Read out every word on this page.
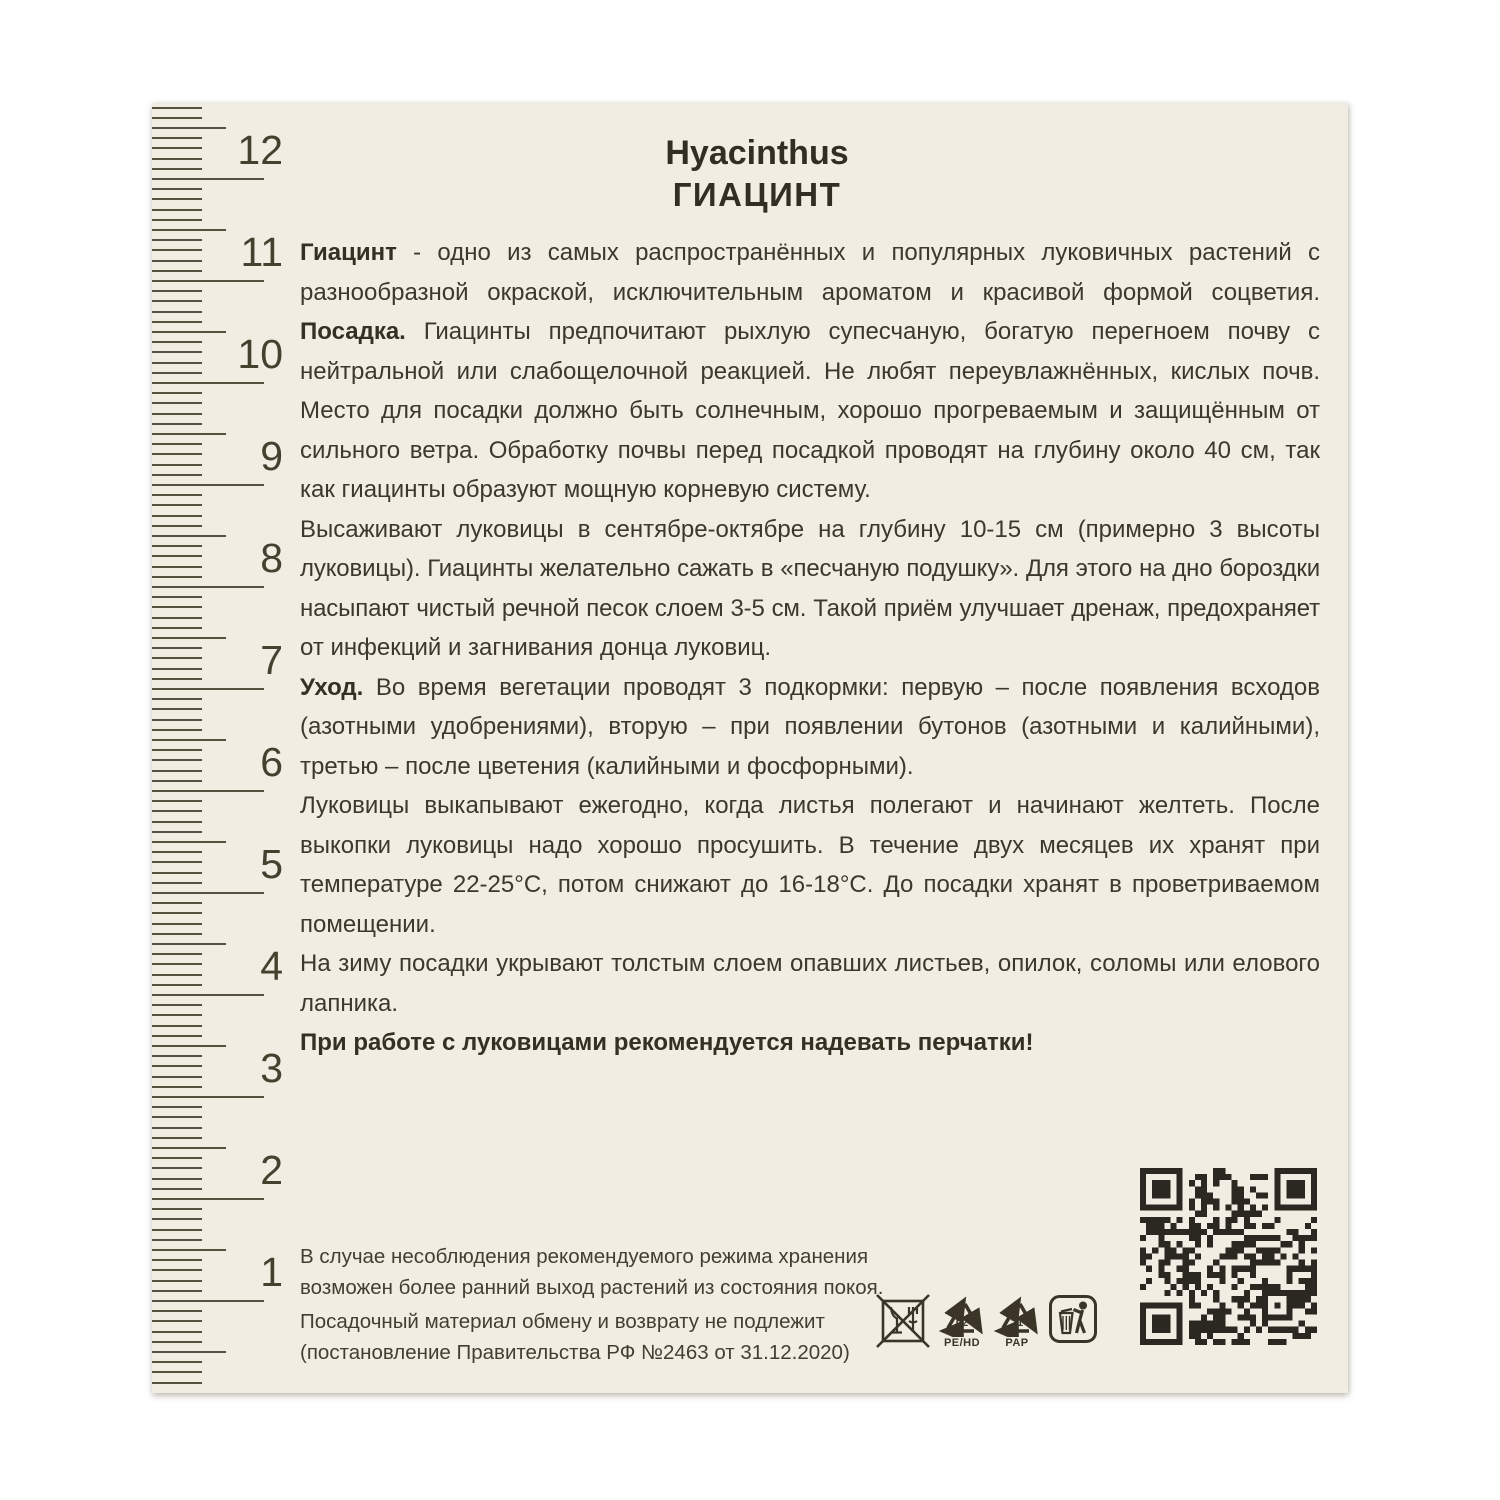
12
11
10
9
8
7
6
5
4
3
2
1
Hyacinthus
ГИАЦИНТ
Гиацинт - одно из самых распространённых и популярных луковичных растений с
разнообразной окраской, исключительным ароматом и красивой формой соцветия.
Посадка. Гиацинты предпочитают рыхлую супесчаную, богатую перегноем почву с
нейтральной или слабощелочной реакцией. Не любят переувлажнённых, кислых почв.
Место для посадки должно быть солнечным, хорошо прогреваемым и защищённым от
сильного ветра. Обработку почвы перед посадкой проводят на глубину около 40 см, так
как гиацинты образуют мощную корневую систему.
Высаживают луковицы в сентябре-октябре на глубину 10-15 см (примерно 3 высоты
луковицы). Гиацинты желательно сажать в «песчаную подушку». Для этого на дно бороздки
насыпают чистый речной песок слоем 3-5 см. Такой приём улучшает дренаж, предохраняет
от инфекций и загнивания донца луковиц.
Уход. Во время вегетации проводят 3 подкормки: первую – после появления всходов
(азотными удобрениями), вторую – при появлении бутонов (азотными и калийными),
третью – после цветения (калийными и фосфорными).
Луковицы выкапывают ежегодно, когда листья полегают и начинают желтеть. После
выкопки луковицы надо хорошо просушить. В течение двух месяцев их хранят при
температуре 22-25°С, потом снижают до 16-18°С. До посадки хранят в проветриваемом
помещении.
На зиму посадки укрывают толстым слоем опавших листьев, опилок, соломы или елового
лапника.
При работе с луковицами рекомендуется надевать перчатки!
В случае несоблюдения рекомендуемого режима хранения
возможен более ранний выход растений из состояния покоя.
Посадочный материал обмену и возврату не подлежит
(постановление Правительства РФ №2463 от 31.12.2020)
02
PE/HD
21
PAP
